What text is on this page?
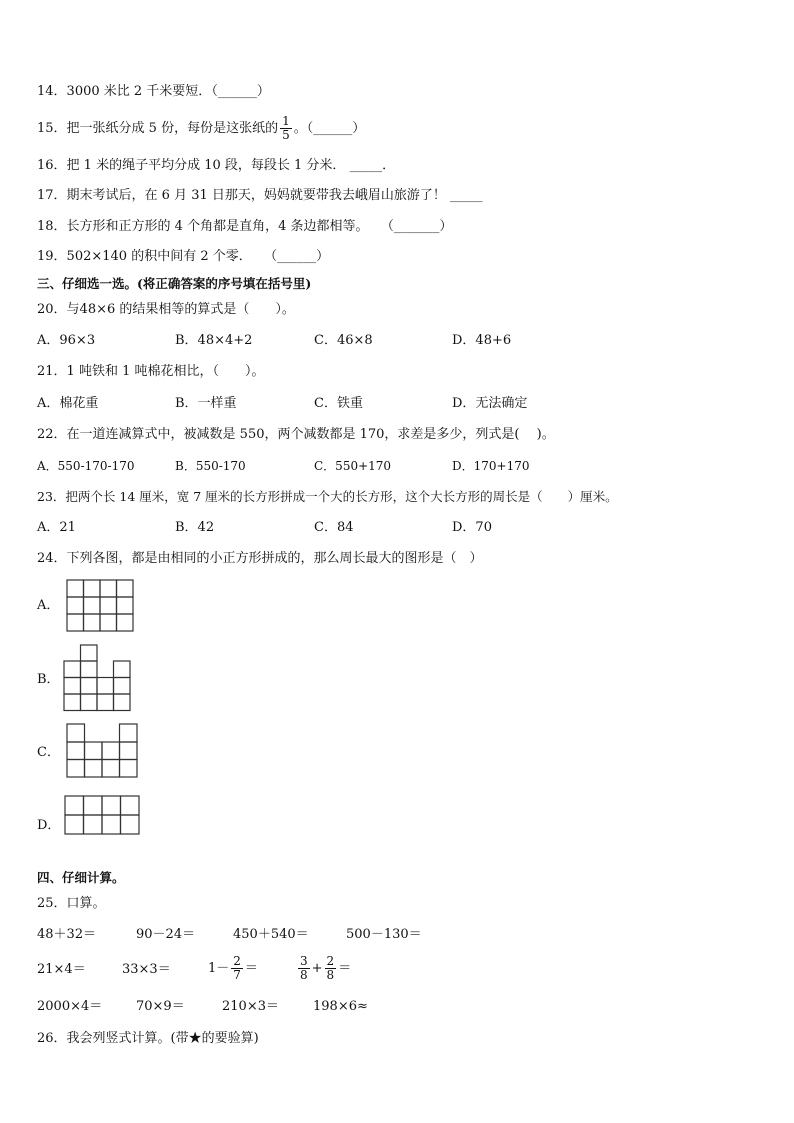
14．3000 米比 2 千米要短．（______）
15．把一张纸分成 5 份，每份是这张纸的 $\frac{1}{5}$ 。（______）
16．把 1 米的绳子平均分成 10 段，每段长 1 分米． _____．
17．期末考试后，在 6 月 31 日那天，妈妈就要带我去峨眉山旅游了！ _____
18．长方形和正方形的 4 个角都是直角，4 条边都相等。 （_______）
19．502×140 的积中间有 2 个零． （______）
三、仔细选一选。(将正确答案的序号填在括号里)
20．与48×6 的结果相等的算式是（　　）。
A．96×3	B．48×4+2	C．46×8	D．48+6
21．1 吨铁和 1 吨棉花相比，（　　）。
A．棉花重	B．一样重	C．铁重	D．无法确定
22．在一道连减算式中，被减数是 550，两个减数都是 170，求差是多少，列式是(　 )。
A．550-170-170	B．550-170	C．550+170	D．170+170
23．把两个长 14 厘米，宽 7 厘米的长方形拼成一个大的长方形，这个大长方形的周长是（　　）厘米。
A．21	B．42	C．84	D．70
24．下列各图，都是由相同的小正方形拼成的，那么周长最大的图形是（　）
A．
B．
C．
D．
四、仔细计算。
25．口算。
48＋32＝	90－24＝	450＋540＝	500－130＝
21×4＝	33×3＝	$1- \frac{2}{7}$ ＝	$\frac{3}{8} + \frac{2}{8}$ ＝
2000×4＝	70×9＝	210×3＝	198×6≈
26．我会列竖式计算。(带★的要验算)
